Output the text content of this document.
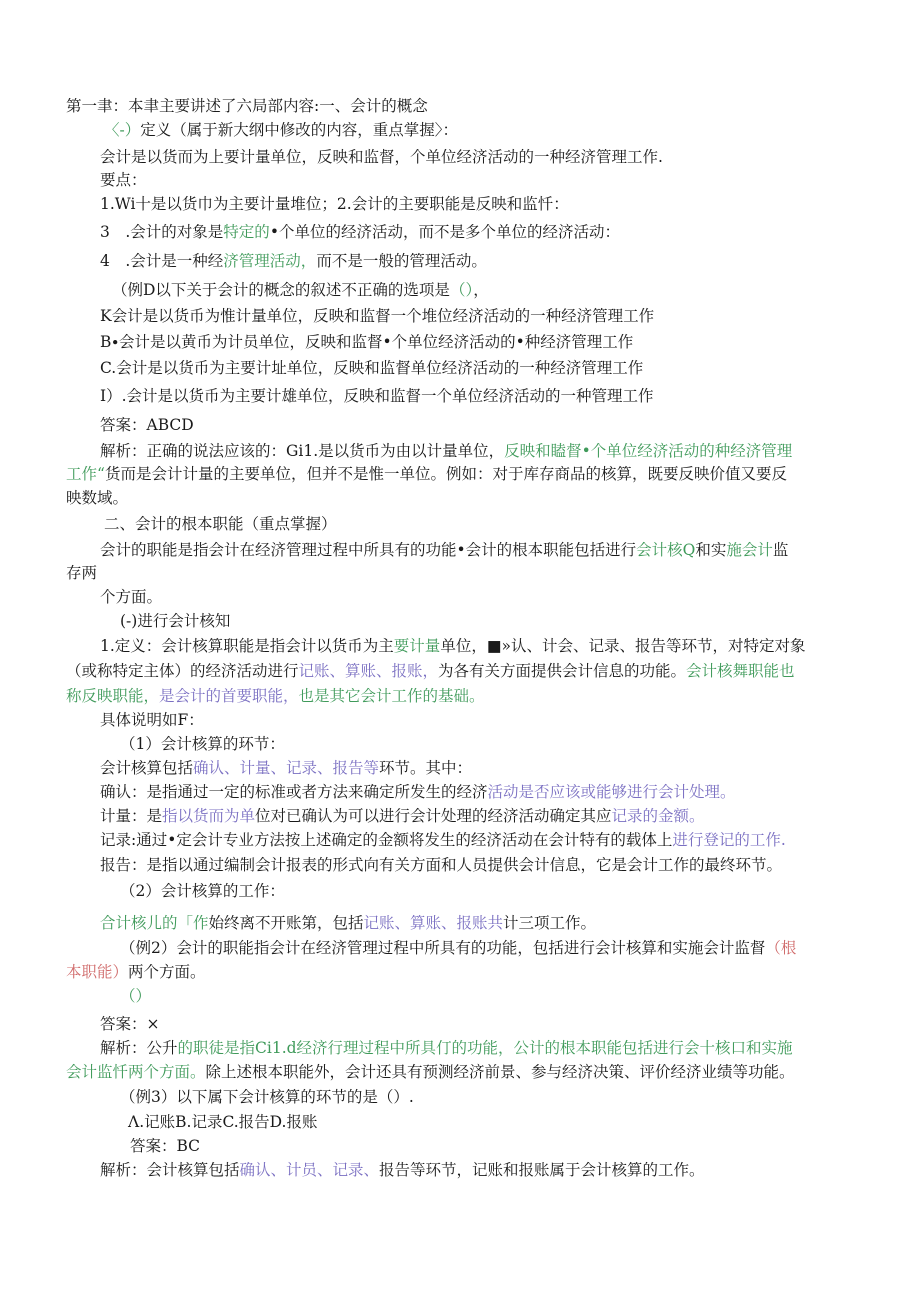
第一聿：本聿主要讲述了六局部内容:一、会计的概念
〈-）定义（属于新大纲中修改的内容，重点掌握〉：
会计是以货而为上要计量单位，反映和监督，个单位经济活动的一种经济管理工作.
要点：
1.Wi十是以货巾为主要计量堆位；2.会计的主要职能是反映和监忏：
3　.会计的对象是特定的•个单位的经济活动，而不是多个单位的经济活动：
4　.会计是一种经济管理活动，而不是一般的管理活动。
（例D以下关于会计的概念的叙述不正确的选项是（），
K会计是以货币为惟计量单位，反映和监督一个堆位经济活动的一种经济管理工作
B∙会计是以黄币为计员单位，反映和监督•个单位经济活动的•种经济管理工作
C.会计是以货币为主要计址单位，反映和监督单位经济活动的一种经济管理工作
I）.会计是以货币为主要计雄单位，反映和监督一个单位经济活动的一种管理工作
答案：ABCD
解析：正确的说法应该的：Gi1.是以货币为由以计量单位，反映和瞌督•个单位经济活动的种经济管理
工作“货而是会计计量的主要单位，但并不是惟一单位。例如：对于库存商品的核算，既要反映价值又要反
映数域。
二、会计的根本职能（重点掌握）
会计的职能是指会计在经济管理过程中所具有的功能•会计的根本职能包括进行会计核Q和实施会计监
存两
个方面。
(-)进行会计核知
1.定义：会计核算职能是指会计以货币为主要计量单位，■»认、计会、记录、报告等环节，对特定对象
（或称特定主体）的经济活动进行记账、算账、报账，为各有关方面提供会计信息的功能。会计核舞职能也
称反映职能，是会计的首要职能，也是其它会计工作的基础。
具体说明如F：
（1）会计核算的环节：
会计核算包括确认、计量、记录、报告等环节。其中：
确认：是指通过一定的标准或者方法来确定所发生的经济活动是否应该或能够进行会计处理。
计量：是指以货而为单位对已确认为可以进行会计处理的经济活动确定其应记录的金额。
记录:通过•定会计专业方法按上述确定的金额将发生的经济活动在会计特有的载体上进行登记的工作.
报告：是指以通过编制会计报表的形式向有关方面和人员提供会计信息，它是会计工作的最终环节。
（2）会计核算的工作：
合计核儿的「作始终离不开账第，包括记账、算账、报账共计三项工作。
（例2）会计的职能指会计在经济管理过程中所具有的功能，包括进行会计核算和实施会计监督（根
本职能）两个方面。
（）
答案：×
解析：公升的职徒是指Ci1.d经济行理过程中所具仃的功能，公计的根本职能包括进行会十核口和实施
会计监忏两个方面。除上述根本职能外，会计还具有预测经济前景、参与经济决策、评价经济业绩等功能。
（例3）以下属下会计核算的环节的是（）.
Λ.记账B.记录C.报告D.报账
答案：BC
解析：会计核算包括确认、计员、记录、报告等环节，记账和报账属于会计核算的工作。
